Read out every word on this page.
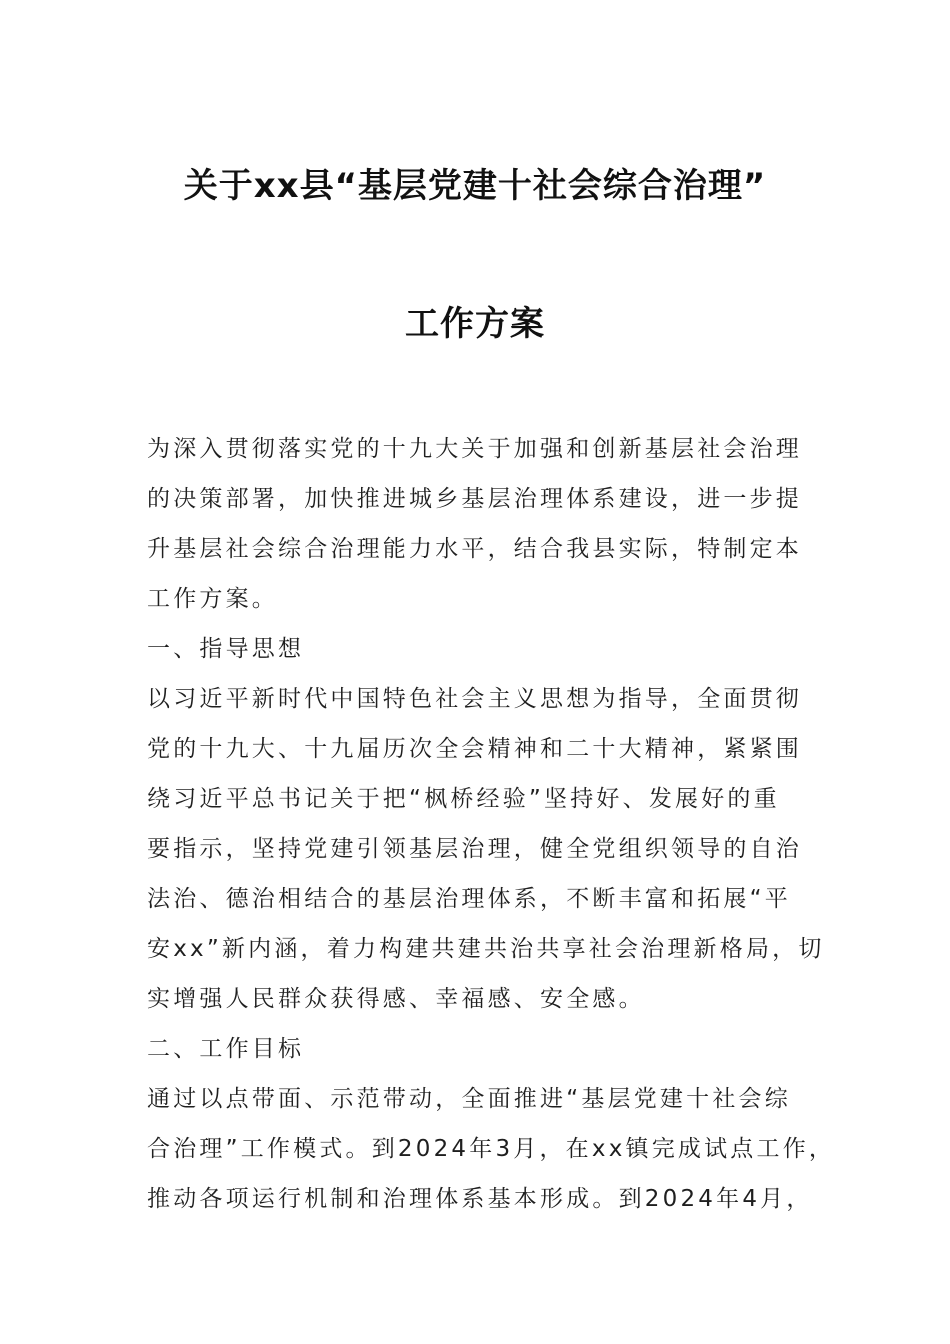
关于xx县“基层党建十社会综合治理”
工作方案
为深入贯彻落实党的十九大关于加强和创新基层社会治理
的决策部署，加快推进城乡基层治理体系建设，进一步提
升基层社会综合治理能力水平，结合我县实际，特制定本
工作方案。
一、指导思想
以习近平新时代中国特色社会主义思想为指导，全面贯彻
党的十九大、十九届历次全会精神和二十大精神，紧紧围
绕习近平总书记关于把“枫桥经验”坚持好、发展好的重
要指示，坚持党建引领基层治理，健全党组织领导的自治
法治、德治相结合的基层治理体系，不断丰富和拓展“平
安xx”新内涵，着力构建共建共治共享社会治理新格局，切
实增强人民群众获得感、幸福感、安全感。
二、工作目标
通过以点带面、示范带动，全面推进“基层党建十社会综
合治理”工作模式。到2024年3月，在xx镇完成试点工作，
推动各项运行机制和治理体系基本形成。到2024年4月，
